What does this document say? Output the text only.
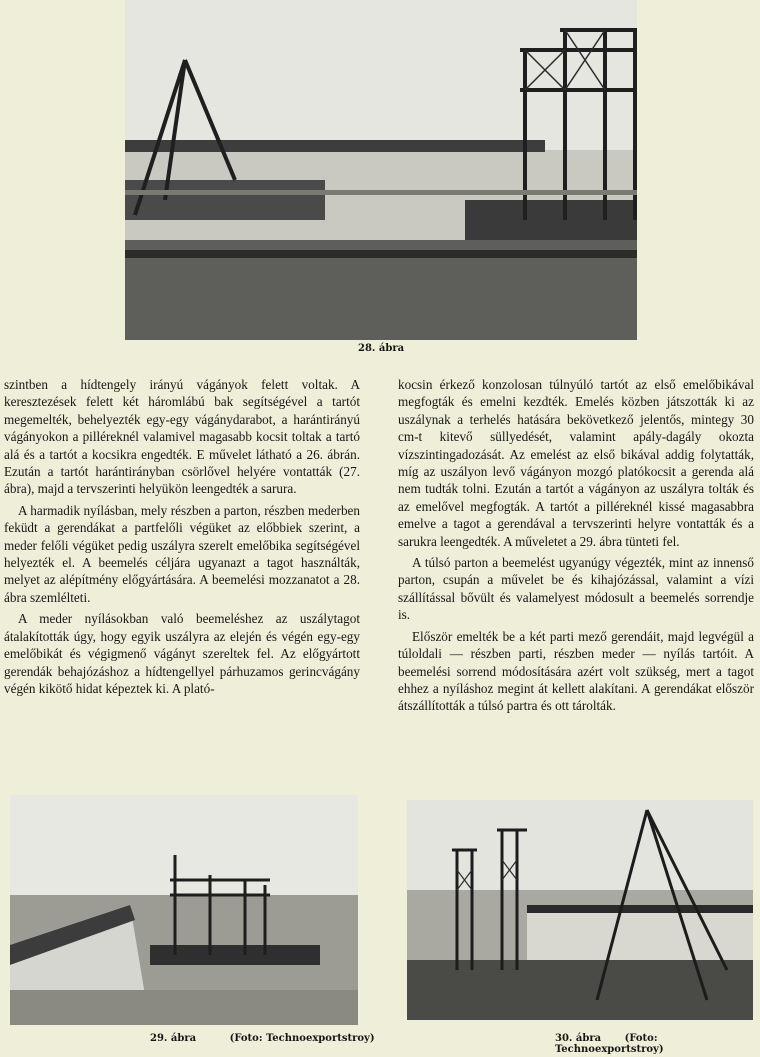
28. ábra

szintben a hídtengely irányú vágányok felett voltak. A keresztezések felett két háromlábú bak segítségével a tartót megemelték, behelyezték egy-egy vágánydarabot, a harántirányú vágányokon a pilléreknél valamivel magasabb kocsit toltak a tartó alá és a tartót a kocsikra engedték. E művelet látható a 26. ábrán. Ezután a tartót harántirányban csörlővel helyére vontatták (27. ábra), majd a tervszerinti helyükön leengedték a sarura.

A harmadik nyílásban, mely részben a parton, részben mederben feküdt a gerendákat a partfelőli végüket az előbbiek szerint, a meder felőli végüket pedig uszályra szerelt emelőbika segítségével helyezték el. A beemelés céljára ugyanazt a tagot használták, melyet az alépítmény előgyártására. A beemelési mozzanatot a 28. ábra szemlélteti.

A meder nyílásokban való beemeléshez az uszálytagot átalakították úgy, hogy egyik uszályra az elején és végén egy-egy emelőbikát és végigmenő vágányt szereltek fel. Az előgyártott gerendák behajózáshoz a hídtengellyel párhuzamos gerincvágány végén kikötő hidat képeztek ki. A plató-

kocsin érkező konzolosan túlnyúló tartót az első emelőbikával megfogták és emelni kezdték. Emelés közben játszották ki az uszálynak a terhelés hatására bekövetkező jelentős, mintegy 30 cm-t kitevő süllyedését, valamint apály-dagály okozta vízszintingadozását. Az emelést az első bikával addig folytatták, míg az uszályon levő vágányon mozgó platókocsit a gerenda alá nem tudták tolni. Ezután a tartót a vágányon az uszályra tolták és az emelővel megfogták. A tartót a pilléreknél kissé magasabbra emelve a tagot a gerendával a tervszerinti helyre vontatták és a sarukra leengedték. A műveletet a 29. ábra tünteti fel.

A túlsó parton a beemelést ugyanúgy végezték, mint az innenső parton, csupán a művelet be és kihajózással, valamint a vízi szállítással bővült és valamelyest módosult a beemelés sorrendje is.

Először emelték be a két parti mező gerendáit, majd legvégül a túloldali — részben parti, részben meder — nyílás tartóit. A beemelési sorrend módosítására azért volt szükség, mert a tagot ehhez a nyíláshoz megint át kellett alakítani. A gerendákat először átszállították a túlsó partra és ott tárolták.

29. ábra	(Foto: Technoexportstroy)	30. ábra (Foto: Technoexportstroy)
